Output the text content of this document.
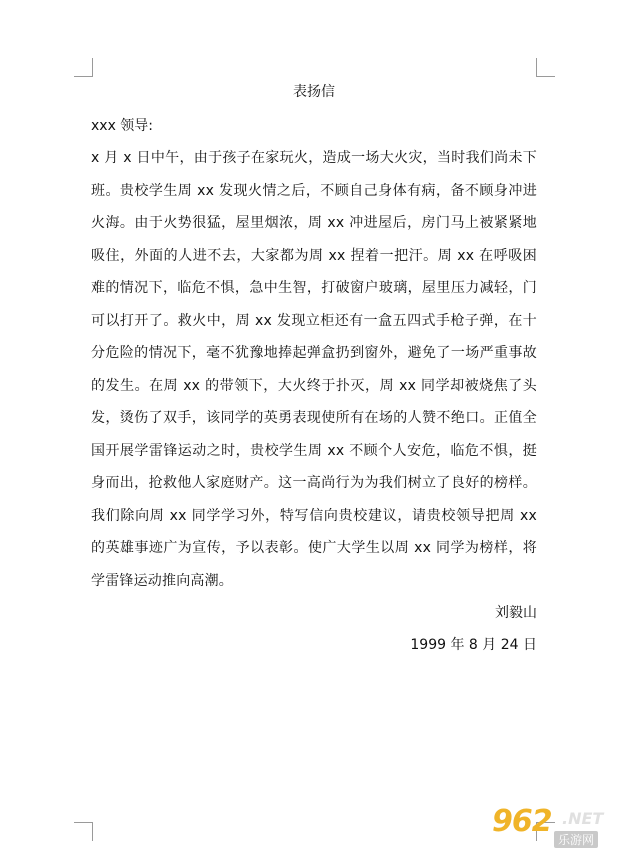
表扬信

xxx 领导:

x 月 x 日中午，由于孩子在家玩火，造成一场大火灾，当时我们尚未下班。贵校学生周 xx 发现火情之后，不顾自己身体有病，备不顾身冲进火海。由于火势很猛，屋里烟浓，周 xx 冲进屋后，房门马上被紧紧地吸住，外面的人进不去，大家都为周 xx 捏着一把汗。周 xx 在呼吸困难的情况下，临危不惧，急中生智，打破窗户玻璃，屋里压力减轻，门可以打开了。救火中，周 xx 发现立柜还有一盒五四式手枪子弹，在十分危险的情况下，毫不犹豫地捧起弹盒扔到窗外，避免了一场严重事故的发生。在周 xx 的带领下，大火终于扑灭，周 xx 同学却被烧焦了头发，烫伤了双手，该同学的英勇表现使所有在场的人赞不绝口。正值全国开展学雷锋运动之时，贵校学生周 xx 不顾个人安危，临危不惧，挺身而出，抢救他人家庭财产。这一高尚行为为我们树立了良好的榜样。我们除向周 xx 同学学习外，特写信向贵校建议，请贵校领导把周 xx 的英雄事迹广为宣传，予以表彰。使广大学生以周 xx 同学为榜样，将学雷锋运动推向高潮。

刘毅山

1999 年 8 月 24 日

962 .NET
乐游网
